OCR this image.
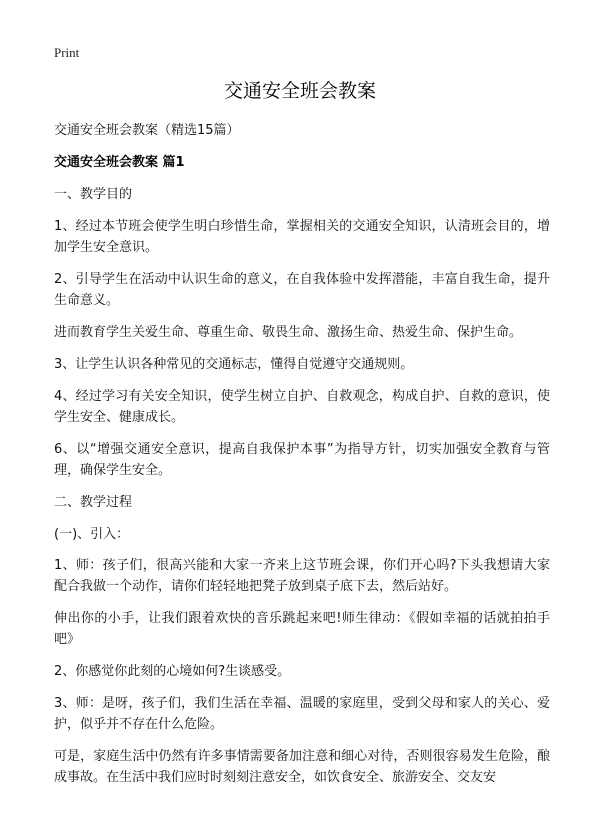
Print
交通安全班会教案

交通安全班会教案（精选15篇）

交通安全班会教案 篇1

一、教学目的

1、经过本节班会使学生明白珍惜生命，掌握相关的交通安全知识，认清班会目的，增加学生安全意识。

2、引导学生在活动中认识生命的意义，在自我体验中发挥潜能，丰富自我生命，提升生命意义。

进而教育学生关爱生命、尊重生命、敬畏生命、激扬生命、热爱生命、保护生命。

3、让学生认识各种常见的交通标志，懂得自觉遵守交通规则。

4、经过学习有关安全知识，使学生树立自护、自救观念，构成自护、自救的意识，使学生安全、健康成长。

6、以“增强交通安全意识，提高自我保护本事”为指导方针，切实加强安全教育与管理，确保学生安全。

二、教学过程

(一)、引入：

1、师：孩子们，很高兴能和大家一齐来上这节班会课，你们开心吗?下头我想请大家配合我做一个动作，请你们轻轻地把凳子放到桌子底下去，然后站好。

伸出你的小手，让我们跟着欢快的音乐跳起来吧!师生律动：《假如幸福的话就拍拍手吧》

2、你感觉你此刻的心境如何?生谈感受。

3、师：是呀，孩子们，我们生活在幸福、温暖的家庭里，受到父母和家人的关心、爱护，似乎并不存在什么危险。

可是，家庭生活中仍然有许多事情需要备加注意和细心对待，否则很容易发生危险，酿成事故。在生活中我们应时时刻刻注意安全，如饮食安全、旅游安全、交友安
